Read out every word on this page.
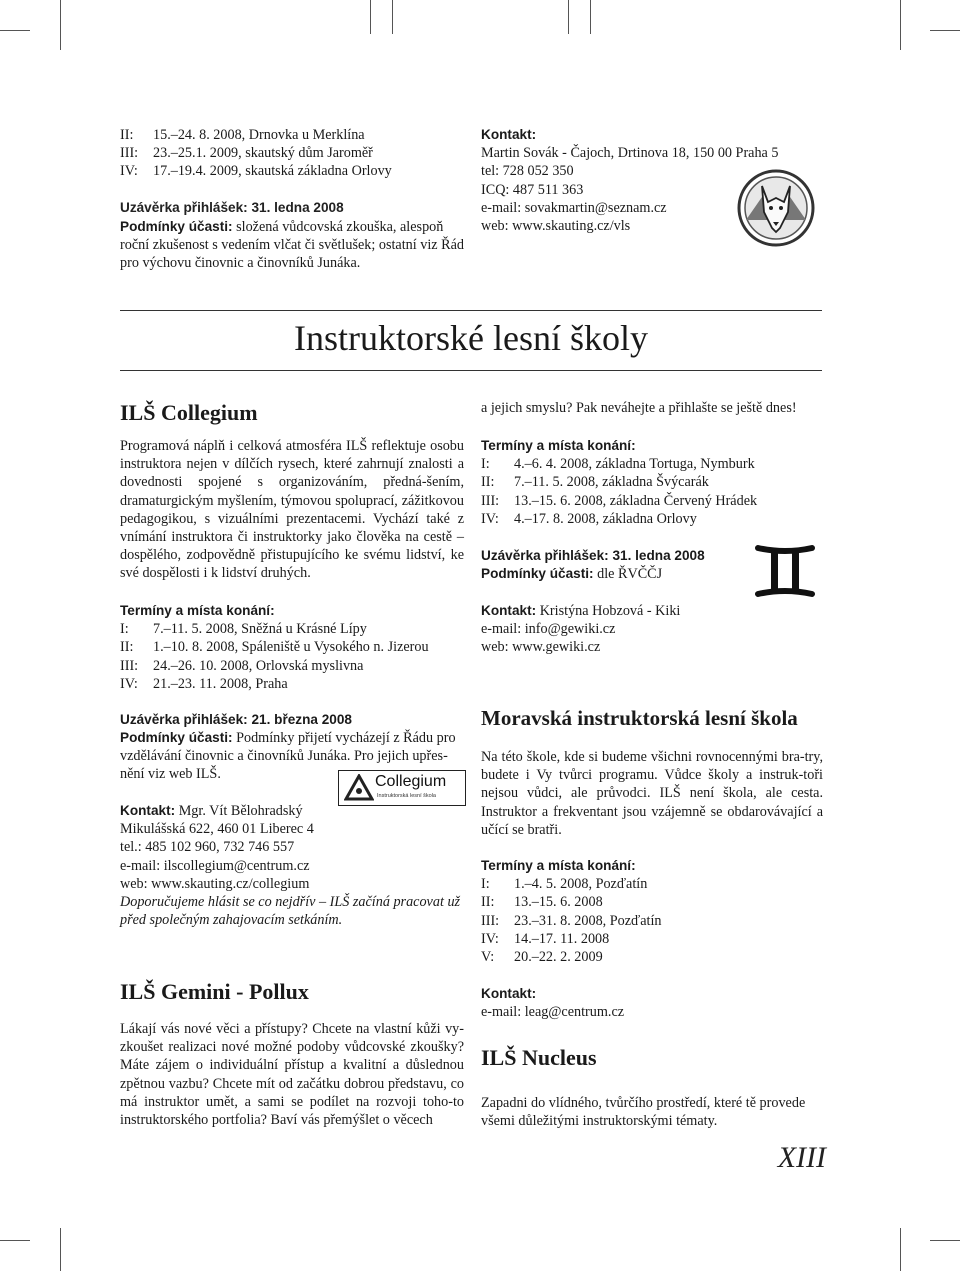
II: 15.–24. 8. 2008, Drnovka u Merklína
III: 23.–25.1. 2009, skautský dům Jaroměř
IV: 17.–19.4. 2009, skautská základna Orlovy
Uzávěrka přihlášek: 31. ledna 2008

Podmínky účasti: složená vůdcovská zkouška, alespoň roční zkušenost s vedením vlčat či světlušek; ostatní viz Řád pro výchovu činovnic a činovníků Junáka.

Kontakt:
Martin Sovák - Čajoch, Drtinova 18, 150 00 Praha 5
tel: 728 052 350
ICQ: 487 511 363
e-mail: sovakmartin@seznam.cz
web: www.skauting.cz/vls
Instruktorské lesní školy
ILŠ Collegium

Programová náplň i celková atmosféra ILŠ reflektuje osobu instruktora nejen v dílčích rysech, které zahrnují znalosti a dovednosti spojené s organizováním, předná-šením, dramaturgickým myšlením, týmovou spoluprací, zážitkovou pedagogikou, s vizuálními prezentacemi. Vychází také z vnímání instruktora či instruktorky jako člověka na cestě – dospělého, zodpovědně přistupujícího ke svému lidství, ke své dospělosti i k lidství druhých.

Termíny a místa konání:
I: 7.–11. 5. 2008, Sněžná u Krásné Lípy
II: 1.–10. 8. 2008, Spáleniště u Vysokého n. Jizerou
III: 24.–26. 10. 2008, Orlovská myslivna
IV: 21.–23. 11. 2008, Praha
Uzávěrka přihlášek: 21. března 2008

Podmínky účasti: Podmínky přijetí vycházejí z Řádu pro vzdělávání činovnic a činovníků Junáka. Pro jejich upřes-nění viz web ILŠ.	Collegium
Instruktorská lesní škola
Kontakt: Mgr. Vít Bělohradský
Mikulášská 622, 460 01 Liberec 4
tel.: 485 102 960, 732 746 557
e-mail: ilscollegium@centrum.cz
web: www.skauting.cz/collegium
Doporučujeme hlásit se co nejdřív – ILŠ začíná pracovat už před společným zahajovacím setkáním.
ILŠ Gemini - Pollux

Lákají vás nové věci a přístupy? Chcete na vlastní kůži vy-zkoušet realizaci nové možné podoby vůdcovské zkoušky? Máte zájem o individuální přístup a kvalitní a důslednou zpětnou vazbu? Chcete mít od začátku dobrou představu, co má instruktor umět, a sami se podílet na rozvoji toho-to instruktorského portfolia? Baví vás přemýšlet o věcech

a jejich smyslu? Pak neváhejte a přihlašte se ještě dnes!

Termíny a místa konání:
I: 4.–6. 4. 2008, základna Tortuga, Nymburk
II: 7.–11. 5. 2008, základna Švýcarák
III: 13.–15. 6. 2008, základna Červený Hrádek
IV: 4.–17. 8. 2008, základna Orlovy
Uzávěrka přihlášek: 31. ledna 2008
Podmínky účasti: dle ŘVČČJ
Kontakt: Kristýna Hobzová - Kiki
e-mail: info@gewiki.cz
web: www.gewiki.cz
Moravská instruktorská lesní škola

Na této škole, kde si budeme všichni rovnocennými bra-try, budete i Vy tvůrci programu. Vůdce školy a instruk-toři nejsou vůdci, ale průvodci. ILŠ není škola, ale cesta. Instruktor a frekventant jsou vzájemně se obdarovávající a učící se bratři.

Termíny a místa konání:
I: 1.–4. 5. 2008, Pozďatín
II: 13.–15. 6. 2008
III: 23.–31. 8. 2008, Pozďatín
IV: 14.–17. 11. 2008
V: 20.–22. 2. 2009
Kontakt:
e-mail: leag@centrum.cz
ILŠ Nucleus

Zapadni do vlídného, tvůrčího prostředí, které tě provede všemi důležitými instruktorskými tématy.

XIII
